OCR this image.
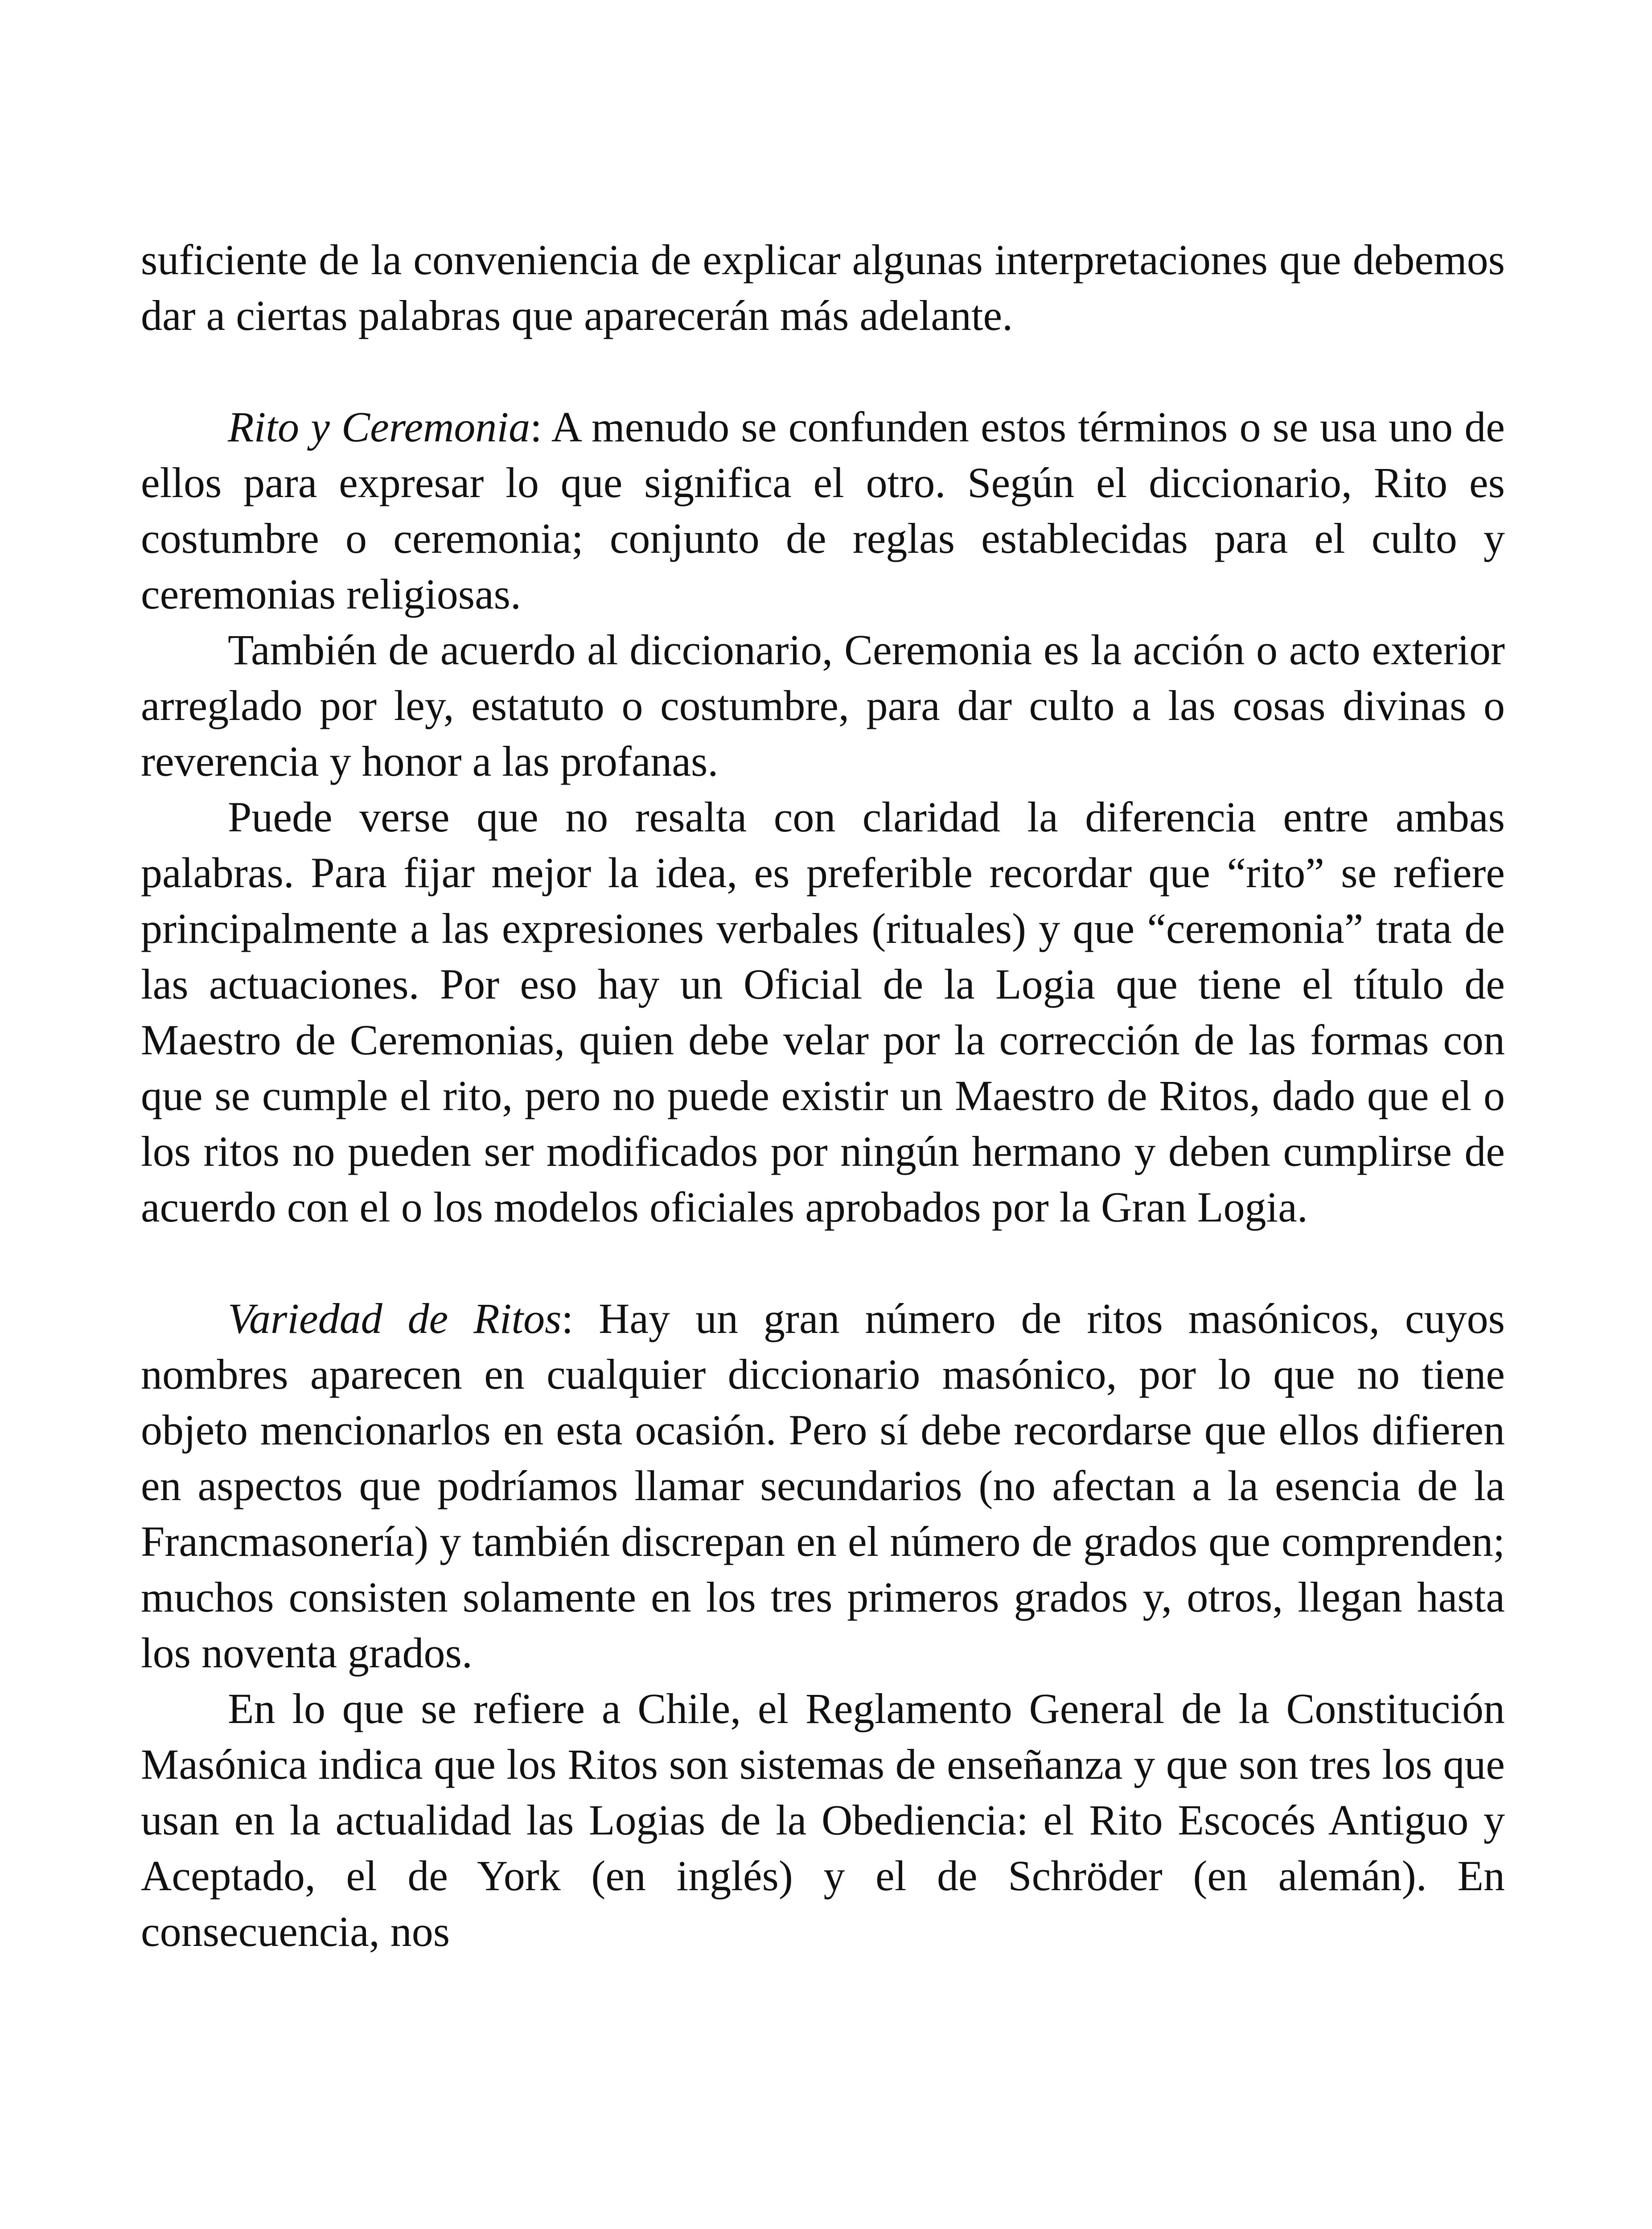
suficiente de la conveniencia de explicar algunas interpretaciones que debemos dar a ciertas palabras que aparecerán más adelante.

Rito y Ceremonia: A menudo se confunden estos términos o se usa uno de ellos para expresar lo que significa el otro. Según el diccionario, Rito es costumbre o ceremonia; conjunto de reglas establecidas para el culto y ceremonias religiosas.

También de acuerdo al diccionario, Ceremonia es la acción o acto exterior arreglado por ley, estatuto o costumbre, para dar culto a las cosas divinas o reverencia y honor a las profanas.

Puede verse que no resalta con claridad la diferencia entre ambas palabras. Para fijar mejor la idea, es preferible recordar que “rito” se refiere principalmente a las expresiones verbales (rituales) y que “ceremonia” trata de las actuaciones. Por eso hay un Oficial de la Logia que tiene el título de Maestro de Ceremonias, quien debe velar por la corrección de las formas con que se cumple el rito, pero no puede existir un Maestro de Ritos, dado que el o los ritos no pueden ser modificados por ningún hermano y deben cumplirse de acuerdo con el o los modelos oficiales aprobados por la Gran Logia.

Variedad de Ritos: Hay un gran número de ritos masónicos, cuyos nombres aparecen en cualquier diccionario masónico, por lo que no tiene objeto mencionarlos en esta ocasión. Pero sí debe recordarse que ellos difieren en aspectos que podríamos llamar secundarios (no afectan a la esencia de la Francmasonería) y también discrepan en el número de grados que comprenden; muchos consisten solamente en los tres primeros grados y, otros, llegan hasta los noventa grados.

En lo que se refiere a Chile, el Reglamento General de la Constitución Masónica indica que los Ritos son sistemas de enseñanza y que son tres los que usan en la actualidad las Logias de la Obediencia: el Rito Escocés Antiguo y Aceptado, el de York (en inglés) y el de Schröder (en alemán). En consecuencia, nos
